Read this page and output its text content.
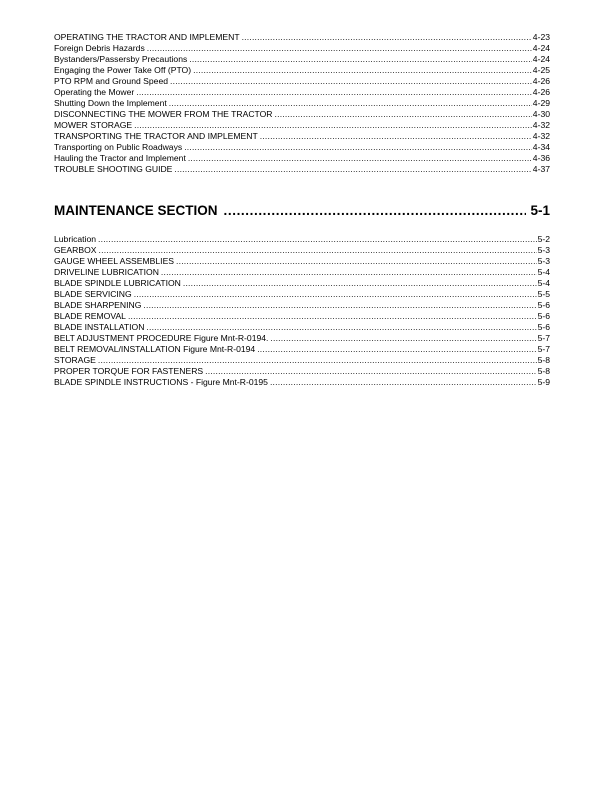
OPERATING THE TRACTOR AND IMPLEMENT .....	4-23
Foreign Debris Hazards .....	4-24
Bystanders/Passersby Precautions .....	4-24
Engaging the Power Take Off (PTO) .....	4-25
PTO RPM and Ground Speed .....	4-26
Operating the Mower .....	4-26
Shutting Down the Implement .....	4-29
DISCONNECTING THE MOWER FROM THE TRACTOR .....	4-30
MOWER STORAGE .....	4-32
TRANSPORTING THE TRACTOR AND IMPLEMENT .....	4-32
Transporting on Public Roadways .....	4-34
Hauling the Tractor and Implement .....	4-36
TROUBLE SHOOTING GUIDE .....	4-37
MAINTENANCE SECTION .....	5-1
Lubrication .....	5-2
GEARBOX .....	5-3
GAUGE WHEEL ASSEMBLIES .....	5-3
DRIVELINE LUBRICATION .....	5-4
BLADE SPINDLE LUBRICATION .....	5-4
BLADE SERVICING .....	5-5
BLADE SHARPENING .....	5-6
BLADE REMOVAL .....	5-6
BLADE INSTALLATION .....	5-6
BELT ADJUSTMENT PROCEDURE Figure Mnt-R-0194. .....	5-7
BELT REMOVAL/INSTALLATION Figure Mnt-R-0194 .....	5-7
STORAGE .....	5-8
PROPER TORQUE FOR FASTENERS .....	5-8
BLADE SPINDLE INSTRUCTIONS - Figure Mnt-R-0195 .....	5-9
